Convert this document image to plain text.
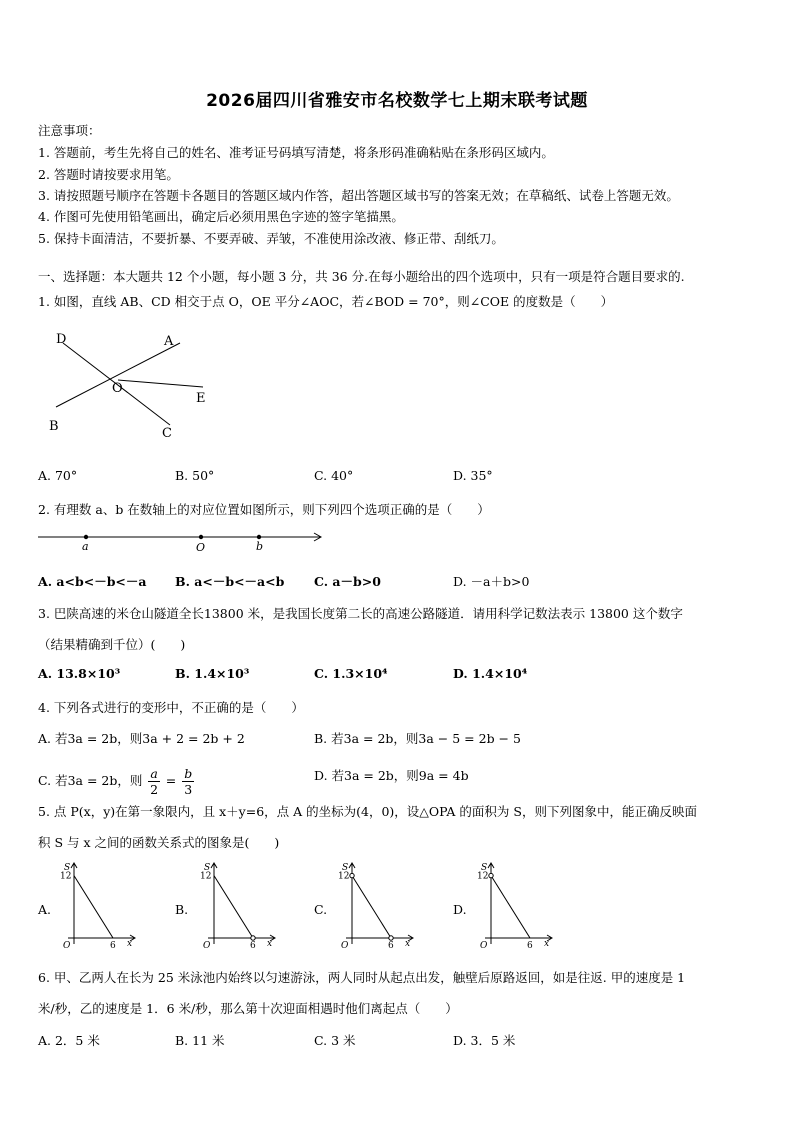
2026届四川省雅安市名校数学七上期末联考试题
注意事项：
1. 答题前，考生先将自己的姓名、准考证号码填写清楚，将条形码准确粘贴在条形码区域内。
2. 答题时请按要求用笔。
3. 请按照题号顺序在答题卡各题目的答题区域内作答，超出答题区域书写的答案无效；在草稿纸、试卷上答题无效。
4. 作图可先使用铅笔画出，确定后必须用黑色字迹的签字笔描黑。
5. 保持卡面清洁，不要折暴、不要弄破、弄皱，不准使用涂改液、修正带、刮纸刀。
一、选择题：本大题共 12 个小题，每小题 3 分，共 36 分.在每小题给出的四个选项中，只有一项是符合题目要求的.
1. 如图，直线 AB、CD 相交于点 O，OE 平分∠AOC，若∠BOD = 70°，则∠COE 的度数是（　　）
D	A
O
E
B	C
A. 70°	B. 50°	C. 40°	D. 35°
2. 有理数 a、b 在数轴上的对应位置如图所示，则下列四个选项正确的是（　　）
a	O	b
A. a<b<－b<－a B. a<－b<－a<b C. a－b>0	D. －a＋b>0
3. 巴陕高速的米仓山隧道全长13800 米，是我国长度第二长的高速公路隧道．请用科学记数法表示 13800 这个数字
（结果精确到千位）(　　)
A. 13.8×10³	B. 1.4×10³	C. 1.3×10⁴	D. 1.4×10⁴
4. 下列各式进行的变形中，不正确的是（　　）
A. 若3a = 2b，则3a + 2 = 2b + 2	B. 若3a = 2b，则3a − 5 = 2b − 5
C. 若3a = 2b，则 $\frac{a}{2} = \frac{b}{3}$	D. 若3a = 2b，则9a = 4b
5. 点 P(x，y)在第一象限内，且 x＋y=6，点 A 的坐标为(4，0)，设△OPA 的面积为 S，则下列图象中，能正确反映面
积 S 与 x 之间的函数关系式的图象是(　　)
A.	B.	C.	D.
S
12
O	6 x
S
12
O	6 x
S
12
O	6 x
S
12
O	6 x
6. 甲、乙两人在长为 25 米泳池内始终以匀速游泳，两人同时从起点出发，触壁后原路返回，如是往返. 甲的速度是 1
米/秒，乙的速度是 1．6 米/秒，那么第十次迎面相遇时他们离起点（　　）
A. 2．5 米	B. 11 米	C. 3 米	D. 3．5 米
